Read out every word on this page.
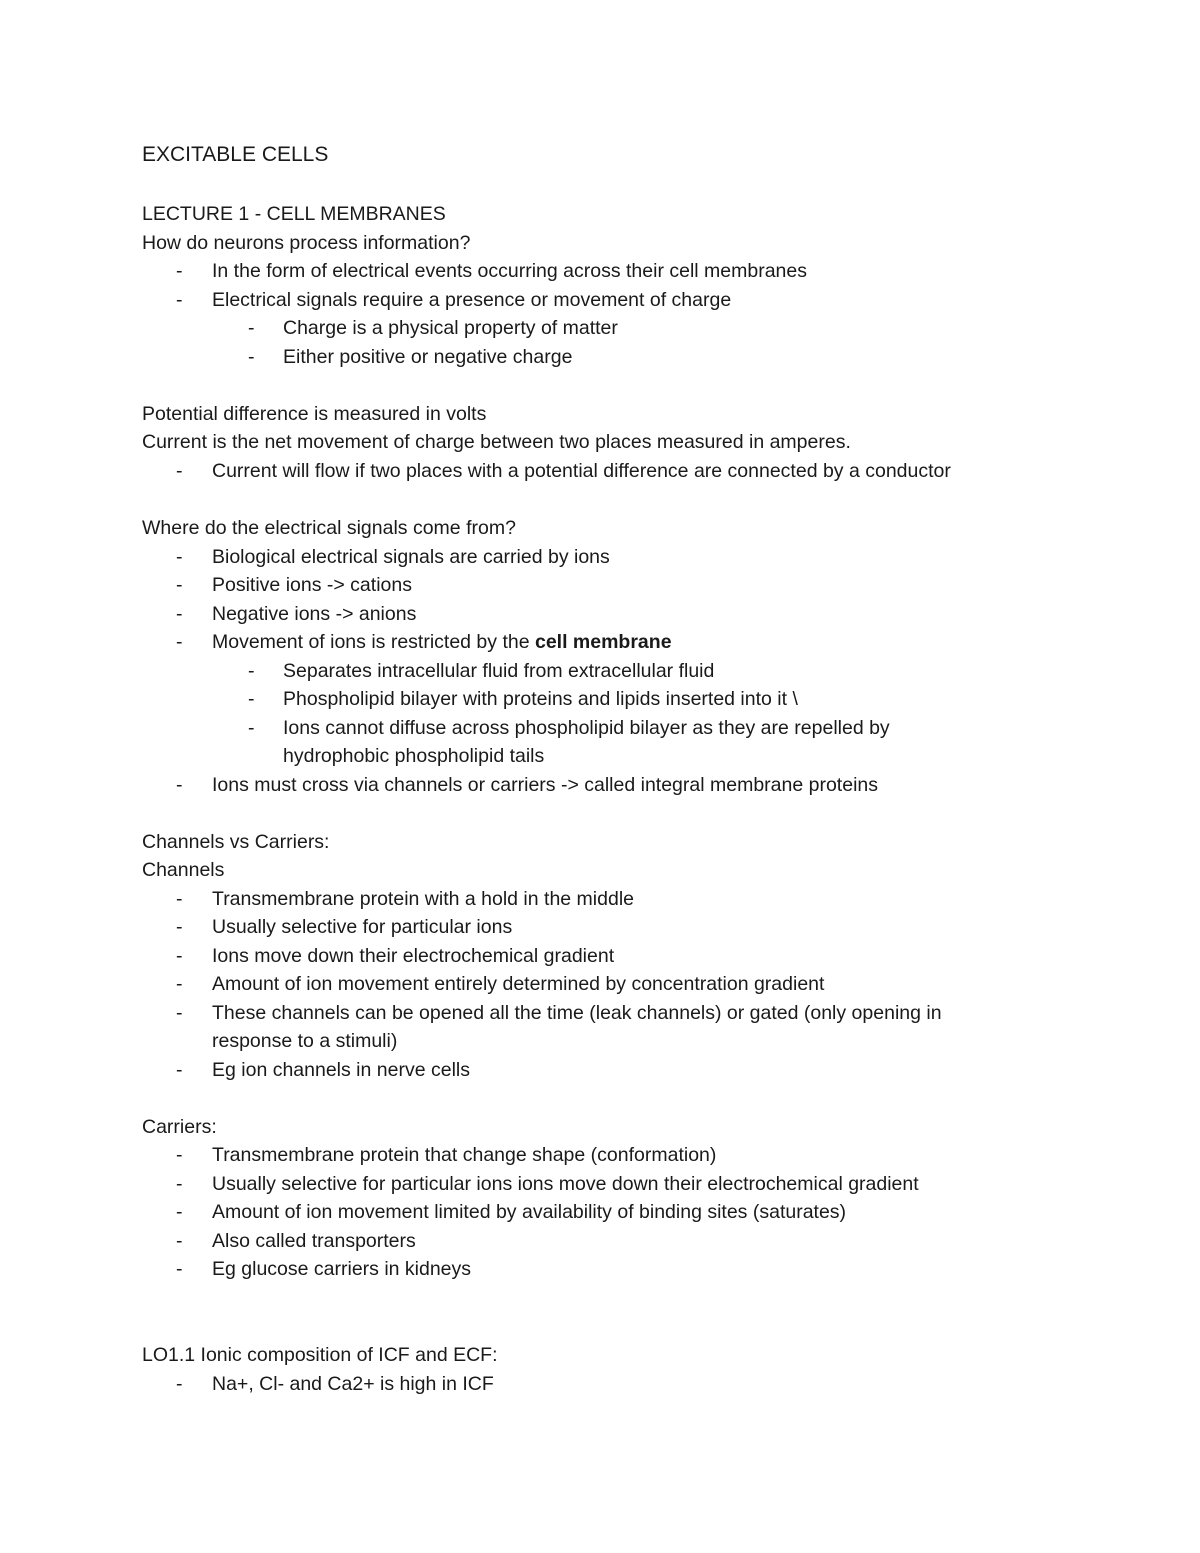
EXCITABLE CELLS
LECTURE 1 - CELL MEMBRANES
How do neurons process information?
- In the form of electrical events occurring across their cell membranes
- Electrical signals require a presence or movement of charge
- Charge is a physical property of matter
- Either positive or negative charge
Potential difference is measured in volts
Current is the net movement of charge between two places measured in amperes.
- Current will flow if two places with a potential difference are connected by a conductor
Where do the electrical signals come from?
- Biological electrical signals are carried by ions
- Positive ions -> cations
- Negative ions -> anions
- Movement of ions is restricted by the cell membrane
- Separates intracellular fluid from extracellular fluid
- Phospholipid bilayer with proteins and lipids inserted into it \
- Ions cannot diffuse across phospholipid bilayer as they are repelled by
hydrophobic phospholipid tails
- Ions must cross via channels or carriers -> called integral membrane proteins
Channels vs Carriers:
Channels
- Transmembrane protein with a hold in the middle
- Usually selective for particular ions
- Ions move down their electrochemical gradient
- Amount of ion movement entirely determined by concentration gradient
- These channels can be opened all the time (leak channels) or gated (only opening in
response to a stimuli)
- Eg ion channels in nerve cells
Carriers:
- Transmembrane protein that change shape (conformation)
- Usually selective for particular ions ions move down their electrochemical gradient
- Amount of ion movement limited by availability of binding sites (saturates)
- Also called transporters
- Eg glucose carriers in kidneys
LO1.1 Ionic composition of ICF and ECF:
- Na+, Cl- and Ca2+ is high in ICF
